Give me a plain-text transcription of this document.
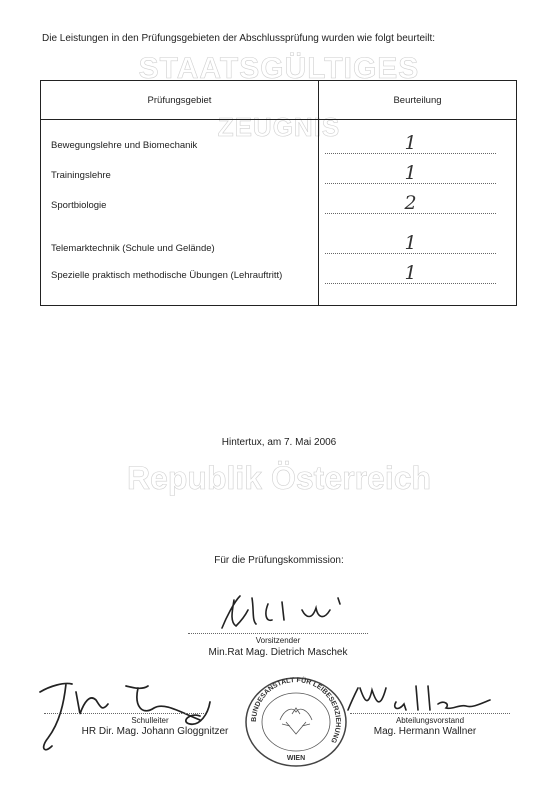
STAATSGÜLTIGES
ZEUGNIS
Die Leistungen in den Prüfungsgebieten der Abschlussprüfung wurden wie folgt beurteilt:
Prüfungsgebiet	Beurteilung

Bewegungslehre und Biomechanik	1

Trainingslehre	1

Sportbiologie	2

Telemarktechnik (Schule und Gelände)	1

Spezielle praktisch methodische Übungen (Lehrauftritt)	1

Hintertux, am 7. Mai 2006
Republik Österreich
Für die Prüfungskommission:
Vorsitzender
Min.Rat Mag. Dietrich Maschek
Schulleiter
HR Dir. Mag. Johann Gloggnitzer
Abteilungsvorstand
Mag. Hermann Wallner
BUNDESANSTALT FÜR LEIBESERZIEHUNG
WIEN
